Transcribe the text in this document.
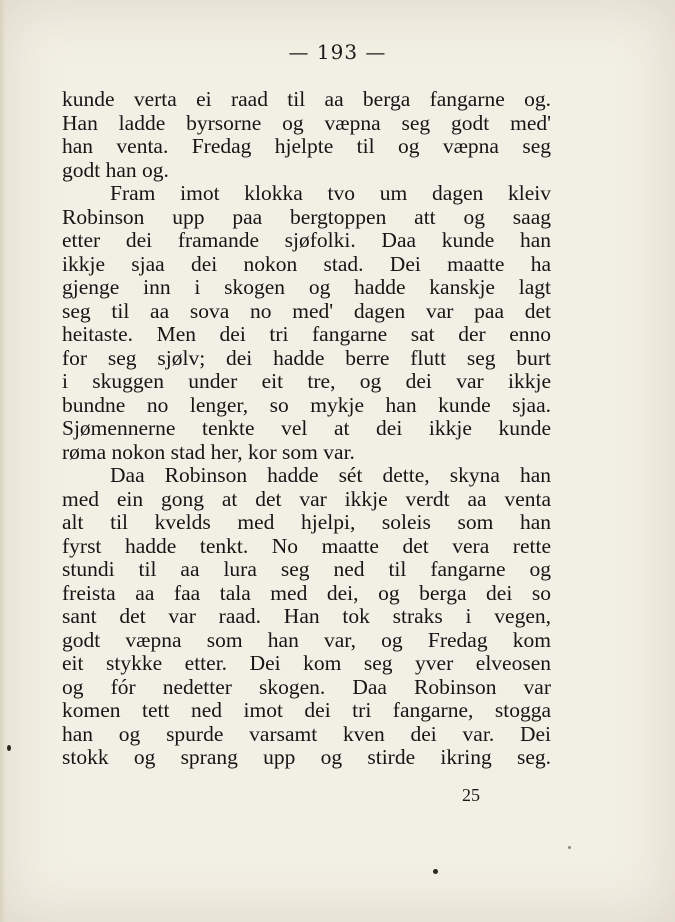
— 193 —
kunde verta ei raad til aa berga fangarne og.
Han ladde byrsorne og væpna seg godt med'
han venta. Fredag hjelpte til og væpna seg
godt han og.
Fram imot klokka tvo um dagen kleiv
Robinson upp paa bergtoppen att og saag
etter dei framande sjøfolki. Daa kunde han
ikkje sjaa dei nokon stad. Dei maatte ha
gjenge inn i skogen og hadde kanskje lagt
seg til aa sova no med' dagen var paa det
heitaste. Men dei tri fangarne sat der enno
for seg sjølv; dei hadde berre flutt seg burt
i skuggen under eit tre, og dei var ikkje
bundne no lenger, so mykje han kunde sjaa.
Sjømennerne tenkte vel at dei ikkje kunde
røma nokon stad her, kor som var.
Daa Robinson hadde sét dette, skyna han
med ein gong at det var ikkje verdt aa venta
alt til kvelds med hjelpi, soleis som han
fyrst hadde tenkt. No maatte det vera rette
stundi til aa lura seg ned til fangarne og
freista aa faa tala med dei, og berga dei so
sant det var raad. Han tok straks i vegen,
godt væpna som han var, og Fredag kom
eit stykke etter. Dei kom seg yver elveosen
og fór nedetter skogen. Daa Robinson var
komen tett ned imot dei tri fangarne, stogga
han og spurde varsamt kven dei var. Dei
stokk og sprang upp og stirde ikring seg.
25
